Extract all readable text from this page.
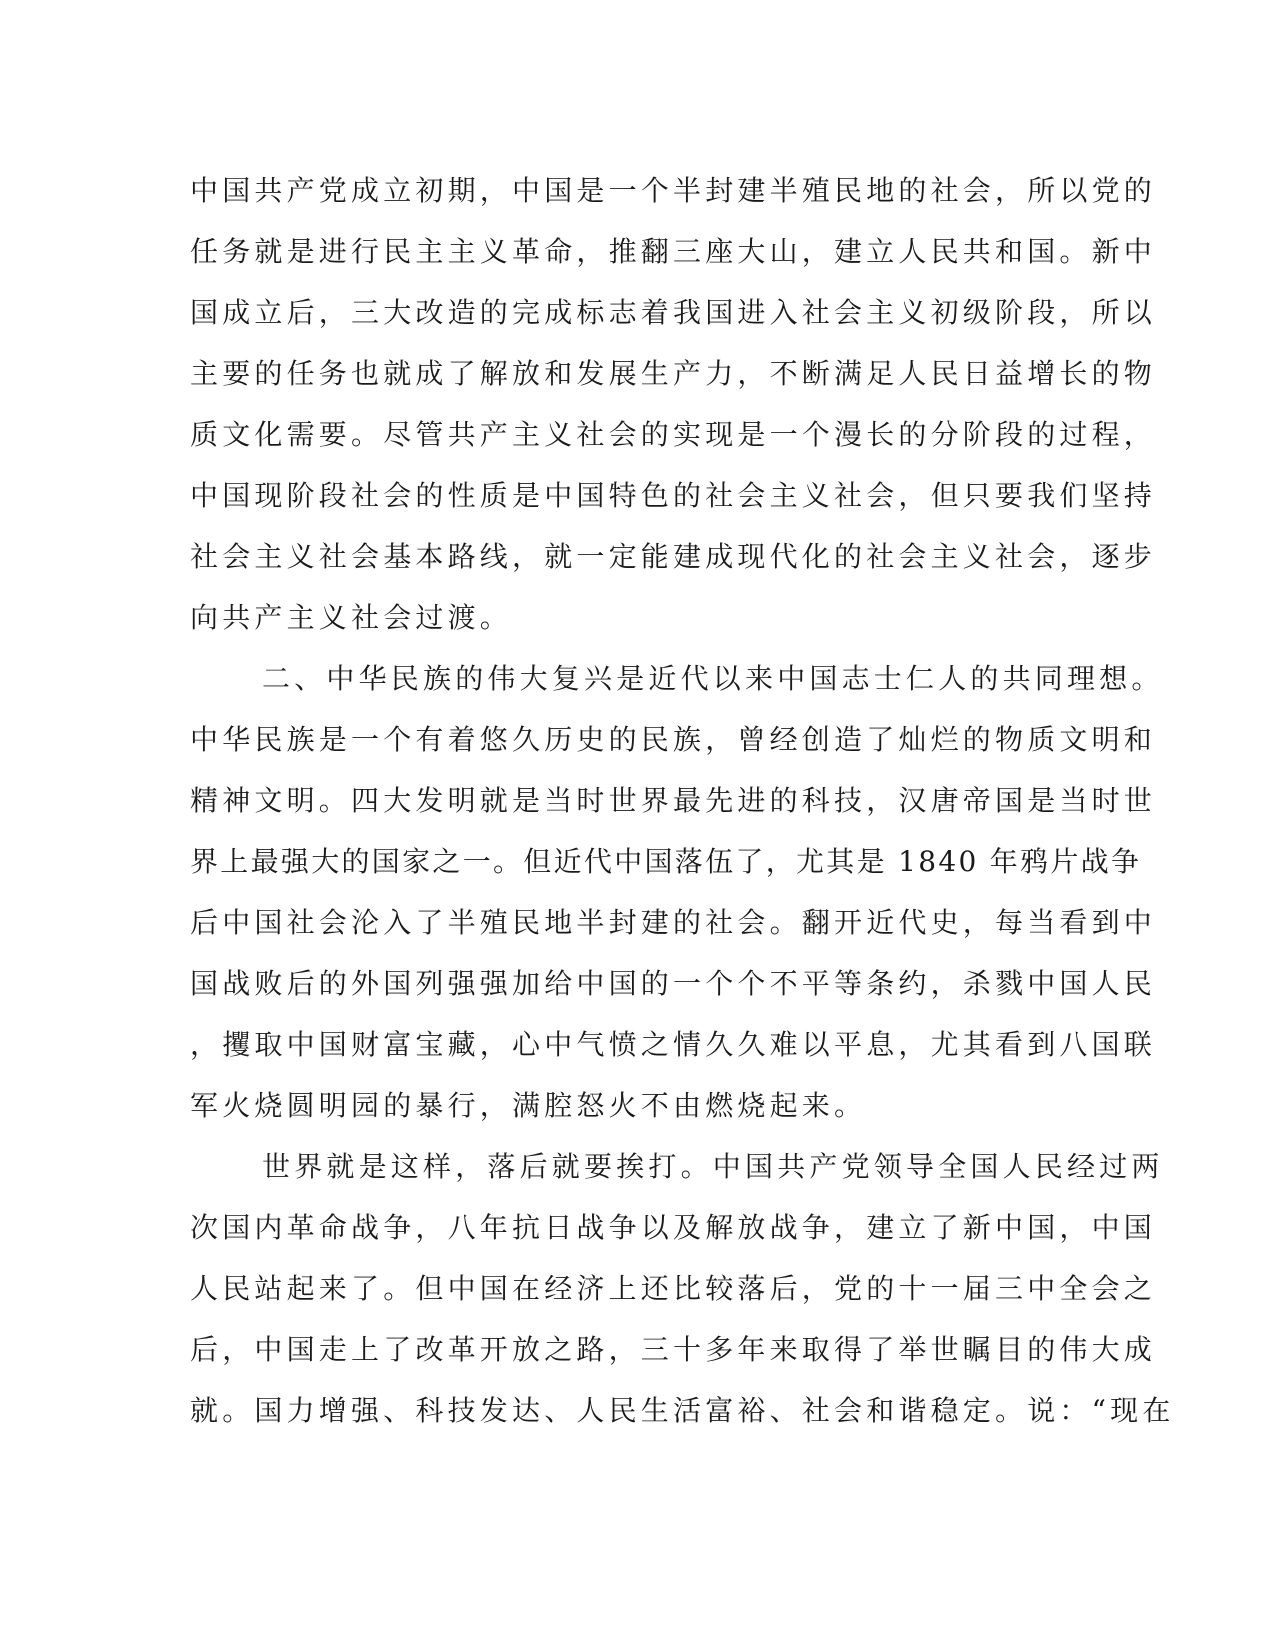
中国共产党成立初期，中国是一个半封建半殖民地的社会，所以党的
任务就是进行民主主义革命，推翻三座大山，建立人民共和国。新中
国成立后，三大改造的完成标志着我国进入社会主义初级阶段，所以
主要的任务也就成了解放和发展生产力，不断满足人民日益增长的物
质文化需要。尽管共产主义社会的实现是一个漫长的分阶段的过程，
中国现阶段社会的性质是中国特色的社会主义社会，但只要我们坚持
社会主义社会基本路线，就一定能建成现代化的社会主义社会，逐步
向共产主义社会过渡。
二、中华民族的伟大复兴是近代以来中国志士仁人的共同理想。
中华民族是一个有着悠久历史的民族，曾经创造了灿烂的物质文明和
精神文明。四大发明就是当时世界最先进的科技，汉唐帝国是当时世
界上最强大的国家之一。但近代中国落伍了，尤其是 1840 年鸦片战争
后中国社会沦入了半殖民地半封建的社会。翻开近代史，每当看到中
国战败后的外国列强强加给中国的一个个不平等条约，杀戮中国人民
，攫取中国财富宝藏，心中气愤之情久久难以平息，尤其看到八国联
军火烧圆明园的暴行，满腔怒火不由燃烧起来。
世界就是这样，落后就要挨打。中国共产党领导全国人民经过两
次国内革命战争，八年抗日战争以及解放战争，建立了新中国，中国
人民站起来了。但中国在经济上还比较落后，党的十一届三中全会之
后，中国走上了改革开放之路，三十多年来取得了举世瞩目的伟大成
就。国力增强、科技发达、人民生活富裕、社会和谐稳定。说：“现在
